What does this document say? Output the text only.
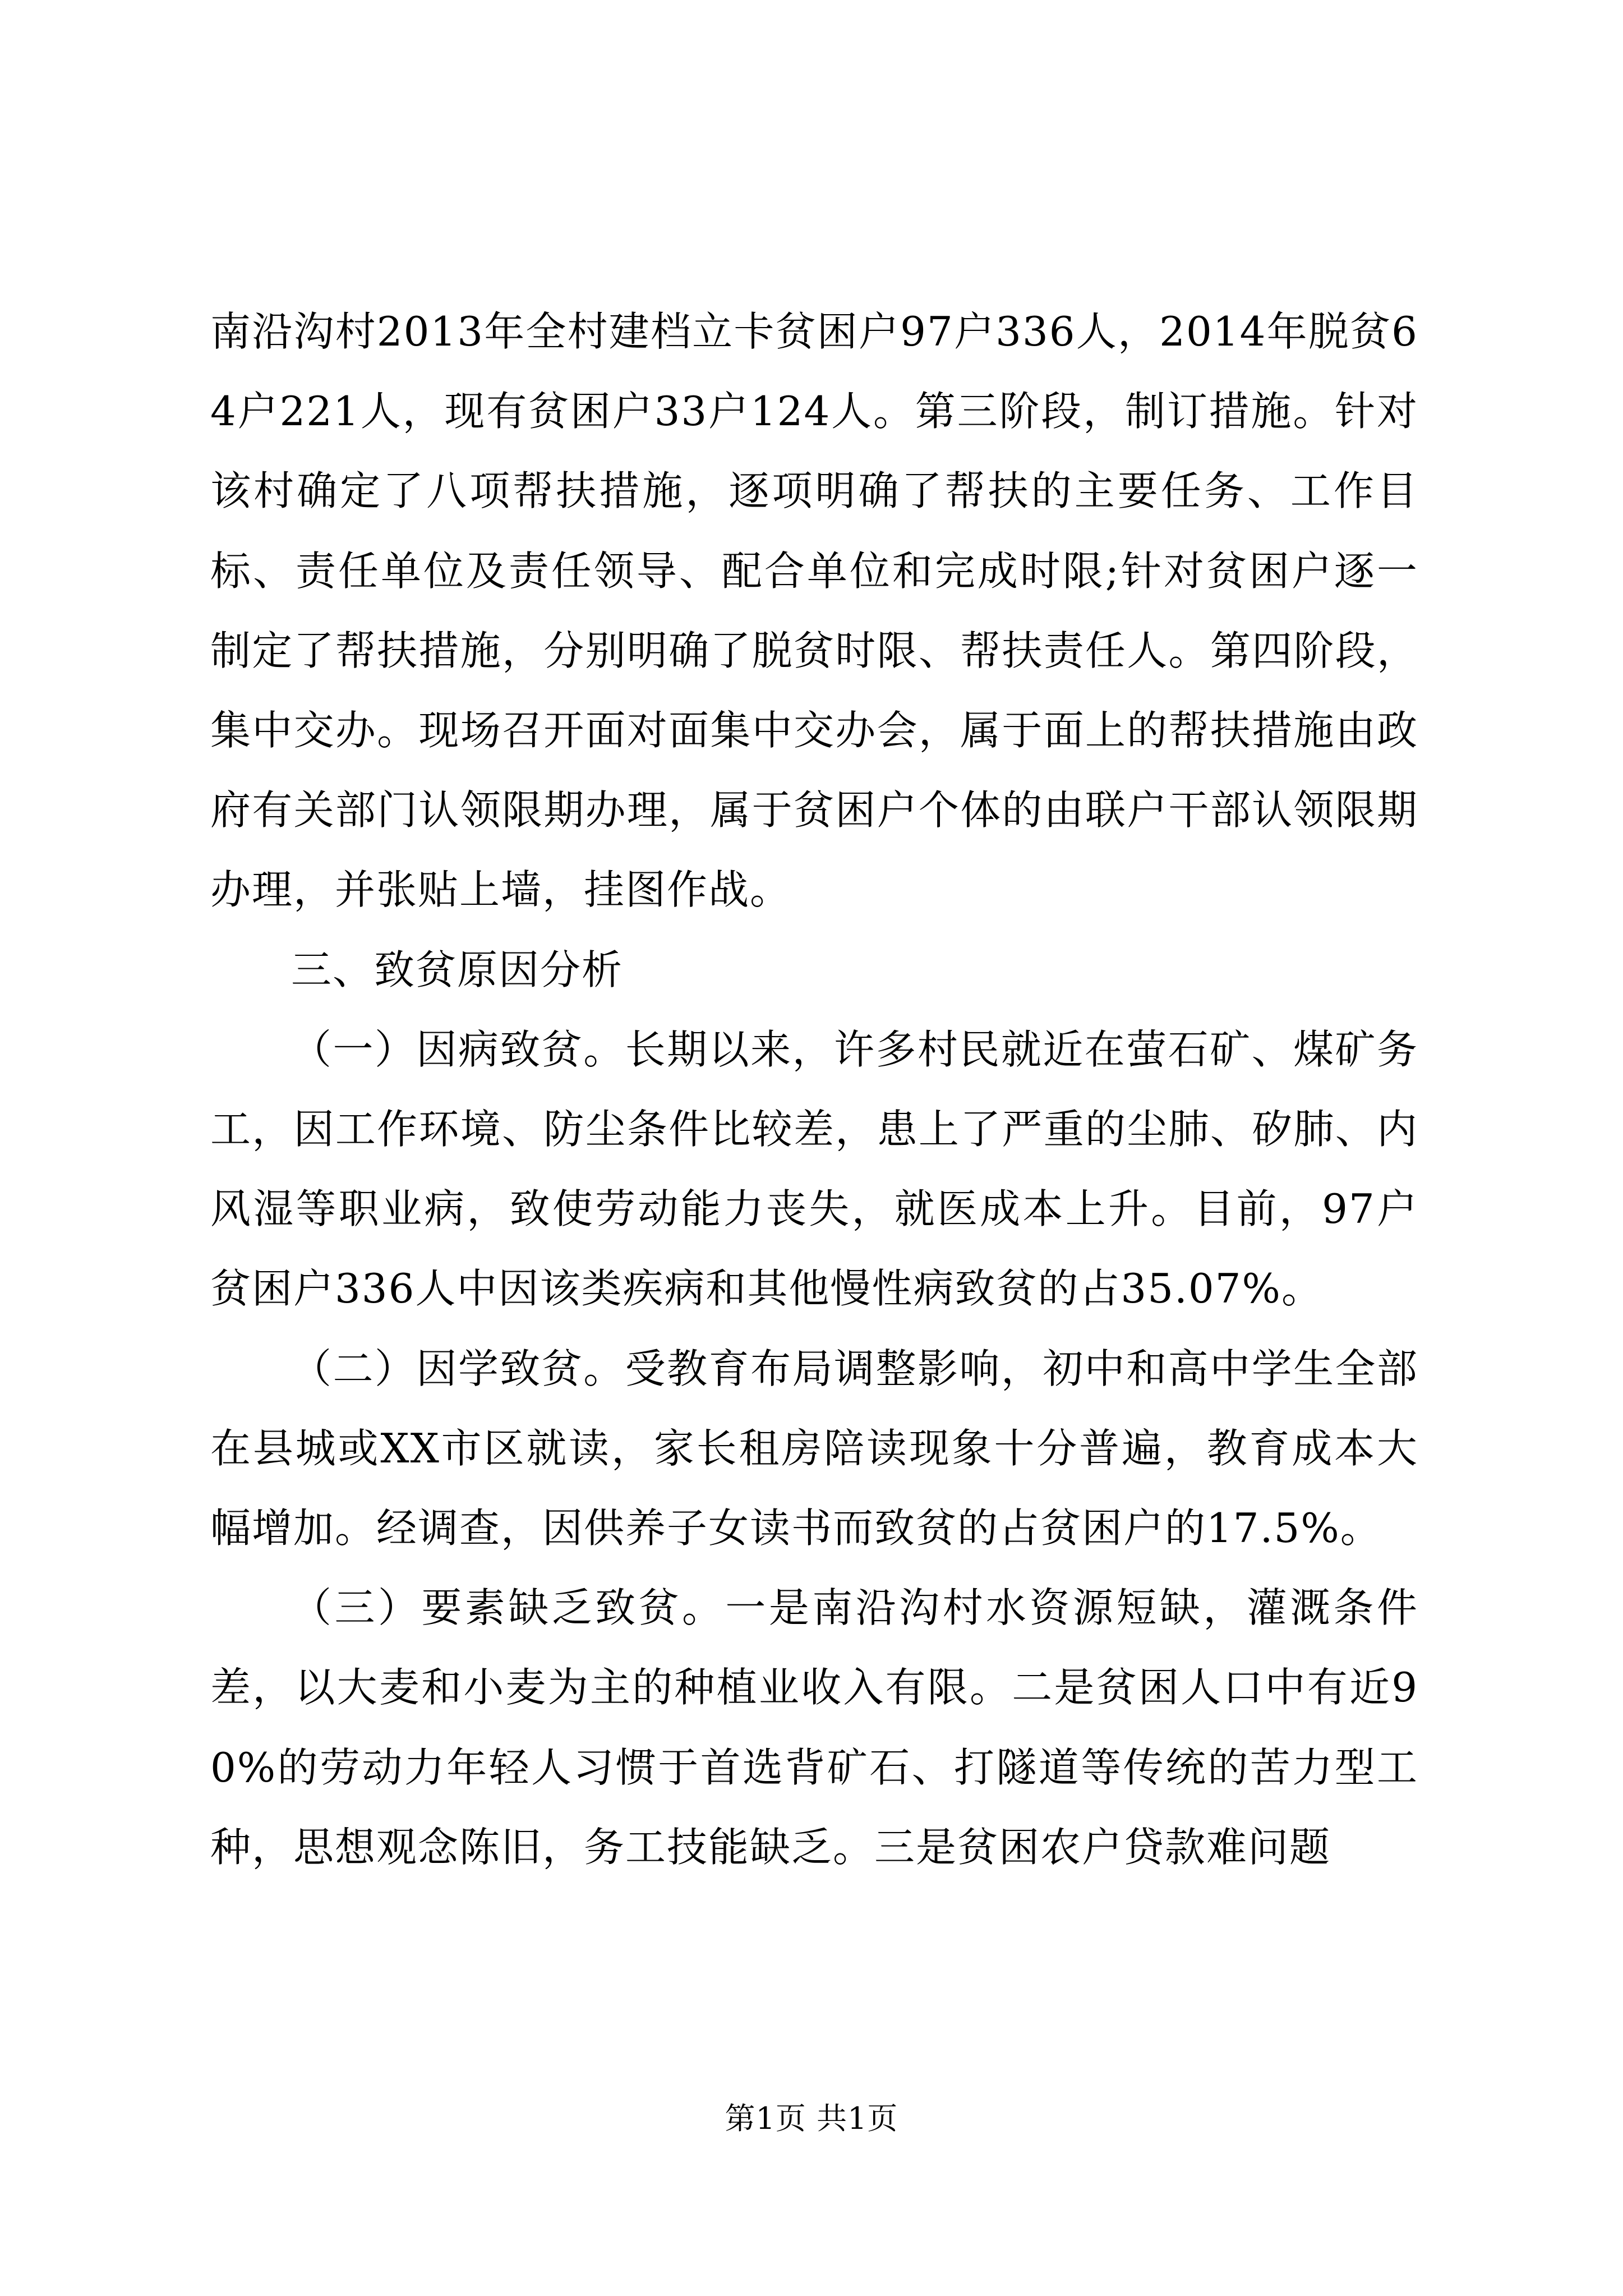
南沿沟村2013年全村建档立卡贫困户97户336人，2014年脱贫64户221人，现有贫困户33户124人。第三阶段，制订措施。针对该村确定了八项帮扶措施，逐项明确了帮扶的主要任务、工作目标、责任单位及责任领导、配合单位和完成时限;针对贫困户逐一制定了帮扶措施，分别明确了脱贫时限、帮扶责任人。第四阶段，集中交办。现场召开面对面集中交办会，属于面上的帮扶措施由政府有关部门认领限期办理，属于贫困户个体的由联户干部认领限期办理，并张贴上墙，挂图作战。

三、致贫原因分析

（一）因病致贫。长期以来，许多村民就近在萤石矿、煤矿务工，因工作环境、防尘条件比较差，患上了严重的尘肺、矽肺、内风湿等职业病，致使劳动能力丧失，就医成本上升。目前，97户贫困户336人中因该类疾病和其他慢性病致贫的占35.07%。

（二）因学致贫。受教育布局调整影响，初中和高中学生全部在县城或XX市区就读，家长租房陪读现象十分普遍，教育成本大幅增加。经调查，因供养子女读书而致贫的占贫困户的17.5%。

（三）要素缺乏致贫。一是南沿沟村水资源短缺，灌溉条件差，以大麦和小麦为主的种植业收入有限。二是贫困人口中有近90%的劳动力年轻人习惯于首选背矿石、打隧道等传统的苦力型工种，思想观念陈旧，务工技能缺乏。三是贫困农户贷款难问题

第1页 共1页
